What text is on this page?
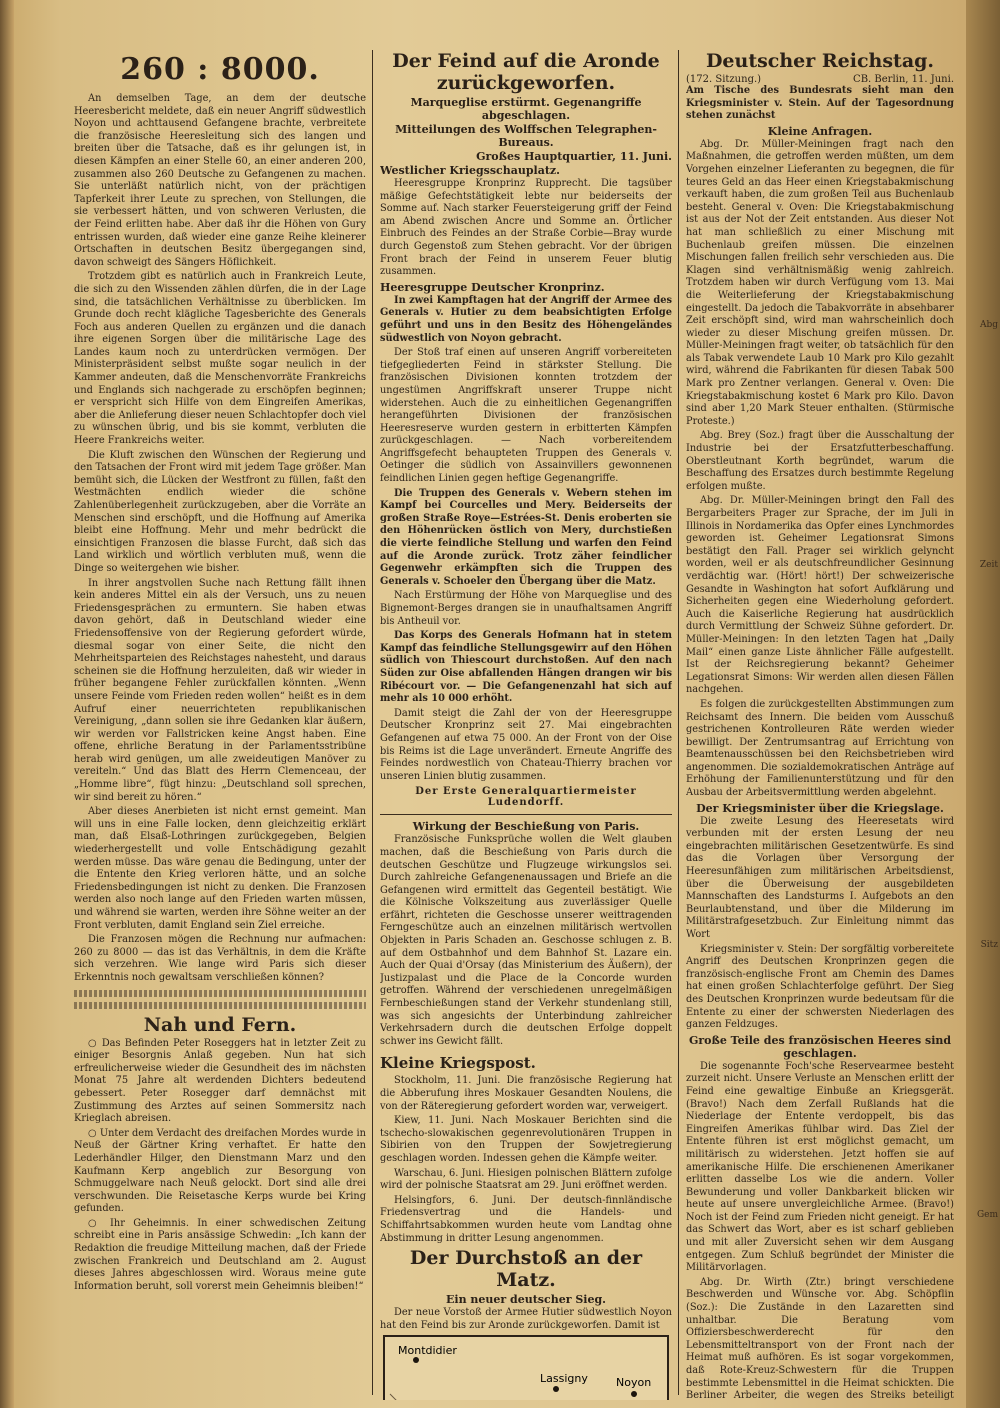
260 : 8000.

An demselben Tage, an dem der deutsche Heeresbericht meldete, daß ein neuer Angriff südwestlich Noyon und achttausend Gefangene brachte, verbreitete die französische Heeresleitung sich des langen und breiten über die Tatsache, daß es ihr gelungen ist, in diesen Kämpfen an einer Stelle 60, an einer anderen 200, zusammen also 260 Deutsche zu Gefangenen zu machen. Sie unterläßt natürlich nicht, von der prächtigen Tapferkeit ihrer Leute zu sprechen, von Stellungen, die sie verbessert hätten, und von schweren Verlusten, die der Feind erlitten habe. Aber daß ihr die Höhen von Gury entrissen wurden, daß wieder eine ganze Reihe kleinerer Ortschaften in deutschen Besitz übergegangen sind, davon schweigt des Sängers Höflichkeit.

Trotzdem gibt es natürlich auch in Frankreich Leute, die sich zu den Wissenden zählen dürfen, die in der Lage sind, die tatsächlichen Verhältnisse zu überblicken. Im Grunde doch recht klägliche Tagesberichte des Generals Foch aus anderen Quellen zu ergänzen und die danach ihre eigenen Sorgen über die militärische Lage des Landes kaum noch zu unterdrücken vermögen. Der Ministerpräsident selbst mußte sogar neulich in der Kammer andeuten, daß die Menschenvorräte Frankreichs und Englands sich nachgerade zu erschöpfen beginnen; er verspricht sich Hilfe von dem Eingreifen Amerikas, aber die Anlieferung dieser neuen Schlachtopfer doch viel zu wünschen übrig, und bis sie kommt, verbluten die Heere Frankreichs weiter.

Die Kluft zwischen den Wünschen der Regierung und den Tatsachen der Front wird mit jedem Tage größer. Man bemüht sich, die Lücken der Westfront zu füllen, faßt den Westmächten endlich wieder die schöne Zahlenüberlegenheit zurückzugeben, aber die Vorräte an Menschen sind erschöpft, und die Hoffnung auf Amerika bleibt eine Hoffnung. Mehr und mehr bedrückt die einsichtigen Franzosen die blasse Furcht, daß sich das Land wirklich und wörtlich verbluten muß, wenn die Dinge so weitergehen wie bisher.

In ihrer angstvollen Suche nach Rettung fällt ihnen kein anderes Mittel ein als der Versuch, uns zu neuen Friedensgesprächen zu ermuntern. Sie haben etwas davon gehört, daß in Deutschland wieder eine Friedensoffensive von der Regierung gefordert würde, diesmal sogar von einer Seite, die nicht den Mehrheitsparteien des Reichstages nahesteht, und daraus scheinen sie die Hoffnung herzuleiten, daß wir wieder in früher begangene Fehler zurückfallen könnten. „Wenn unsere Feinde vom Frieden reden wollen“ heißt es in dem Aufruf einer neuerrichteten republikanischen Vereinigung, „dann sollen sie ihre Gedanken klar äußern, wir werden vor Fallstricken keine Angst haben. Eine offene, ehrliche Beratung in der Parlamentsstribüne herab wird genügen, um alle zweideutigen Manöver zu vereiteln.“ Und das Blatt des Herrn Clemenceau, der „Homme libre“, fügt hinzu: „Deutschland soll sprechen, wir sind bereit zu hören.“

Aber dieses Anerbieten ist nicht ernst gemeint. Man will uns in eine Falle locken, denn gleichzeitig erklärt man, daß Elsaß-Lothringen zurückgegeben, Belgien wiederhergestellt und volle Entschädigung gezahlt werden müsse. Das wäre genau die Bedingung, unter der die Entente den Krieg verloren hätte, und an solche Friedensbedingungen ist nicht zu denken. Die Franzosen werden also noch lange auf den Frieden warten müssen, und während sie warten, werden ihre Söhne weiter an der Front verbluten, damit England sein Ziel erreiche.

Die Franzosen mögen die Rechnung nur aufmachen: 260 zu 8000 — das ist das Verhältnis, in dem die Kräfte sich verzehren. Wie lange wird Paris sich dieser Erkenntnis noch gewaltsam verschließen können?

Nah und Fern.

○ Das Befinden Peter Roseggers hat in letzter Zeit zu einiger Besorgnis Anlaß gegeben. Nun hat sich erfreulicherweise wieder die Gesundheit des im nächsten Monat 75 Jahre alt werdenden Dichters bedeutend gebessert. Peter Rosegger darf demnächst mit Zustimmung des Arztes auf seinen Sommersitz nach Krieglach abreisen.

○ Unter dem Verdacht des dreifachen Mordes wurde in Neuß der Gärtner Kring verhaftet. Er hatte den Lederhändler Hilger, den Dienstmann Marz und den Kaufmann Kerp angeblich zur Besorgung von Schmuggelware nach Neuß gelockt. Dort sind alle drei verschwunden. Die Reisetasche Kerps wurde bei Kring gefunden.

○ Ihr Geheimnis. In einer schwedischen Zeitung schreibt eine in Paris ansässige Schwedin: „Ich kann der Redaktion die freudige Mitteilung machen, daß der Friede zwischen Frankreich und Deutschland am 2. August dieses Jahres abgeschlossen wird. Woraus meine gute Information beruht, soll vorerst mein Geheimnis bleiben!“

Der Feind auf die Aronde zurückgeworfen.
Marqueglise erstürmt. Gegenangriffe abgeschlagen.
Mitteilungen des Wolffschen Telegraphen-Bureaus.
Großes Hauptquartier, 11. Juni.
Westlicher Kriegsschauplatz.

Heeresgruppe Kronprinz Rupprecht. Die tagsüber mäßige Gefechtstätigkeit lebte nur beiderseits der Somme auf. Nach starker Feuersteigerung griff der Feind am Abend zwischen Ancre und Somme an. Örtlicher Einbruch des Feindes an der Straße Corbie—Bray wurde durch Gegenstoß zum Stehen gebracht. Vor der übrigen Front brach der Feind in unserem Feuer blutig zusammen.

Heeresgruppe Deutscher Kronprinz.

In zwei Kampftagen hat der Angriff der Armee des Generals v. Hutier zu dem beabsichtigten Erfolge geführt und uns in den Besitz des Höhengeländes südwestlich von Noyon gebracht.

Der Stoß traf einen auf unseren Angriff vorbereiteten tiefgegliederten Feind in stärkster Stellung. Die französischen Divisionen konnten trotzdem der ungestümen Angriffskraft unserer Truppe nicht widerstehen. Auch die zu einheitlichen Gegenangriffen herangeführten Divisionen der französischen Heeresreserve wurden gestern in erbitterten Kämpfen zurückgeschlagen. — Nach vorbereitendem Angriffsgefecht behaupteten Truppen des Generals v. Oetinger die südlich von Assainvillers gewonnenen feindlichen Linien gegen heftige Gegenangriffe.

Die Truppen des Generals v. Webern stehen im Kampf bei Courcelles und Mery. Beiderseits der großen Straße Roye—Estrées-St. Denis eroberten sie den Höhenrücken östlich von Mery, durchstießen die vierte feindliche Stellung und warfen den Feind auf die Aronde zurück. Trotz zäher feindlicher Gegenwehr erkämpften sich die Truppen des Generals v. Schoeler den Übergang über die Matz.

Nach Erstürmung der Höhe von Marqueglise und des Bignemont-Berges drangen sie in unaufhaltsamen Angriff bis Antheuil vor.

Das Korps des Generals Hofmann hat in stetem Kampf das feindliche Stellungsgewirr auf den Höhen südlich von Thiescourt durchstoßen. Auf den nach Süden zur Oise abfallenden Hängen drangen wir bis Ribécourt vor. — Die Gefangenenzahl hat sich auf mehr als 10 000 erhöht.

Damit steigt die Zahl der von der Heeresgruppe Deutscher Kronprinz seit 27. Mai eingebrachten Gefangenen auf etwa 75 000. An der Front von der Oise bis Reims ist die Lage unverändert. Erneute Angriffe des Feindes nordwestlich von Chateau-Thierry brachen vor unseren Linien blutig zusammen.

Der Erste Generalquartiermeister Ludendorff.
Wirkung der Beschießung von Paris.

Französische Funksprüche wollen die Welt glauben machen, daß die Beschießung von Paris durch die deutschen Geschütze und Flugzeuge wirkungslos sei. Durch zahlreiche Gefangenenaussagen und Briefe an die Gefangenen wird ermittelt das Gegenteil bestätigt. Wie die Kölnische Volkszeitung aus zuverlässiger Quelle erfährt, richteten die Geschosse unserer weittragenden Ferngeschütze auch an einzelnen militärisch wertvollen Objekten in Paris Schaden an. Geschosse schlugen z. B. auf dem Ostbahnhof und dem Bahnhof St. Lazare ein. Auch der Quai d'Orsay (das Ministerium des Äußern), der Justizpalast und die Place de la Concorde wurden getroffen. Während der verschiedenen unregelmäßigen Fernbeschießungen stand der Verkehr stundenlang still, was sich angesichts der Unterbindung zahlreicher Verkehrsadern durch die deutschen Erfolge doppelt schwer ins Gewicht fällt.

Kleine Kriegspost.

Stockholm, 11. Juni. Die französische Regierung hat die Abberufung ihres Moskauer Gesandten Noulens, die von der Räteregierung gefordert worden war, verweigert.

Kiew, 11. Juni. Nach Moskauer Berichten sind die tschecho-slowakischen gegenrevolutionären Truppen in Sibirien von den Truppen der Sowjetregierung geschlagen worden. Indessen gehen die Kämpfe weiter.

Warschau, 6. Juni. Hiesigen polnischen Blättern zufolge wird der polnische Staatsrat am 29. Juni eröffnet werden.

Helsingfors, 6. Juni. Der deutsch-finnländische Friedensvertrag und die Handels- und Schiffahrtsabkommen wurden heute vom Landtag ohne Abstimmung in dritter Lesung angenommen.

Der Durchstoß an der Matz.
Ein neuer deutscher Sieg.

Der neue Vorstoß der Armee Hutier südwestlich Noyon hat den Feind bis zur Aronde zurückgeworfen. Damit ist

Montdidier
Lassigny	Noyon

Deutscher Reichstag.
(172. Sitzung.)	CB. Berlin, 11. Juni.

Am Tische des Bundesrats sieht man den Kriegsminister v. Stein. Auf der Tagesordnung stehen zunächst

Kleine Anfragen.

Abg. Dr. Müller-Meiningen fragt nach den Maßnahmen, die getroffen werden müßten, um dem Vorgehen einzelner Lieferanten zu begegnen, die für teures Geld an das Heer einen Kriegstabakmischung verkauft haben, die zum großen Teil aus Buchenlaub besteht. General v. Oven: Die Kriegstabakmischung ist aus der Not der Zeit entstanden. Aus dieser Not hat man schließlich zu einer Mischung mit Buchenlaub greifen müssen. Die einzelnen Mischungen fallen freilich sehr verschieden aus. Die Klagen sind verhältnismäßig wenig zahlreich. Trotzdem haben wir durch Verfügung vom 13. Mai die Weiterlieferung der Kriegstabakmischung eingestellt. Da jedoch die Tabakvorräte in absehbarer Zeit erschöpft sind, wird man wahrscheinlich doch wieder zu dieser Mischung greifen müssen. Dr. Müller-Meiningen fragt weiter, ob tatsächlich für den als Tabak verwendete Laub 10 Mark pro Kilo gezahlt wird, während die Fabrikanten für diesen Tabak 500 Mark pro Zentner verlangen. General v. Oven: Die Kriegstabakmischung kostet 6 Mark pro Kilo. Davon sind aber 1,20 Mark Steuer enthalten. (Stürmische Proteste.)

Abg. Brey (Soz.) fragt über die Ausschaltung der Industrie bei der Ersatzfutterbeschaffung. Oberstleutnant Korth begründet, warum die Beschaffung des Ersatzes durch bestimmte Regelung erfolgen mußte.

Abg. Dr. Müller-Meiningen bringt den Fall des Bergarbeiters Prager zur Sprache, der im Juli in Illinois in Nordamerika das Opfer eines Lynchmordes geworden ist. Geheimer Legationsrat Simons bestätigt den Fall. Prager sei wirklich gelyncht worden, weil er als deutschfreundlicher Gesinnung verdächtig war. (Hört! hört!) Der schweizerische Gesandte in Washington hat sofort Aufklärung und Sicherheiten gegen eine Wiederholung gefordert. Auch die Kaiserliche Regierung hat ausdrücklich durch Vermittlung der Schweiz Sühne gefordert. Dr. Müller-Meiningen: In den letzten Tagen hat „Daily Mail“ einen ganze Liste ähnlicher Fälle aufgestellt. Ist der Reichsregierung bekannt? Geheimer Legationsrat Simons: Wir werden allen diesen Fällen nachgehen.

Es folgen die zurückgestellten Abstimmungen zum Reichsamt des Innern. Die beiden vom Ausschuß gestrichenen Kontrolleuren Räte werden wieder bewilligt. Der Zentrumsantrag auf Errichtung von Beamtenausschüssen bei den Reichsbetrieben wird angenommen. Die sozialdemokratischen Anträge auf Erhöhung der Familienunterstützung und für den Ausbau der Arbeitsvermittlung werden abgelehnt.

Der Kriegsminister über die Kriegslage.

Die zweite Lesung des Heeresetats wird verbunden mit der ersten Lesung der neu eingebrachten militärischen Gesetzentwürfe. Es sind das die Vorlagen über Versorgung der Heeresunfähigen zum militärischen Arbeitsdienst, über die Überweisung der ausgebildeten Mannschaften des Landsturms I. Aufgebots an den Beurlaubtenstand, und über die Milderung im Militärstrafgesetzbuch. Zur Einleitung nimmt das Wort

Kriegsminister v. Stein: Der sorgfältig vorbereitete Angriff des Deutschen Kronprinzen gegen die französisch-englische Front am Chemin des Dames hat einen großen Schlachterfolge geführt. Der Sieg des Deutschen Kronprinzen wurde bedeutsam für die Entente zu einer der schwersten Niederlagen des ganzen Feldzuges.

Große Teile des französischen Heeres sind geschlagen.

Die sogenannte Foch'sche Reservearmee besteht zurzeit nicht. Unsere Verluste an Menschen erlitt der Feind eine gewaltige Einbuße an Kriegsgerät. (Bravo!) Nach dem Zerfall Rußlands hat die Niederlage der Entente verdoppelt, bis das Eingreifen Amerikas fühlbar wird. Das Ziel der Entente führen ist erst möglichst gemacht, um militärisch zu widerstehen. Jetzt hoffen sie auf amerikanische Hilfe. Die erschienenen Amerikaner erlitten dasselbe Los wie die andern. Voller Bewunderung und voller Dankbarkeit blicken wir heute auf unsere unvergleichliche Armee. (Bravo!) Noch ist der Feind zum Frieden nicht geneigt. Er hat das Schwert das Wort, aber es ist scharf geblieben und mit aller Zuversicht sehen wir dem Ausgang entgegen. Zum Schluß begründet der Minister die Militärvorlagen.

Abg. Dr. Wirth (Ztr.) bringt verschiedene Beschwerden und Wünsche vor. Abg. Schöpflin (Soz.): Die Zustände in den Lazaretten sind unhaltbar. Die Beratung vom Offiziersbeschwerderecht für den Lebensmitteltransport von der Front nach der Heimat muß aufhören. Es ist sogar vorgekommen, daß Rote-Kreuz-Schwestern für die Truppen bestimmte Lebensmittel in die Heimat schickten. Die Berliner Arbeiter, die wegen des Streiks beteiligt

Abg
Zeit
Sitz
Gem
